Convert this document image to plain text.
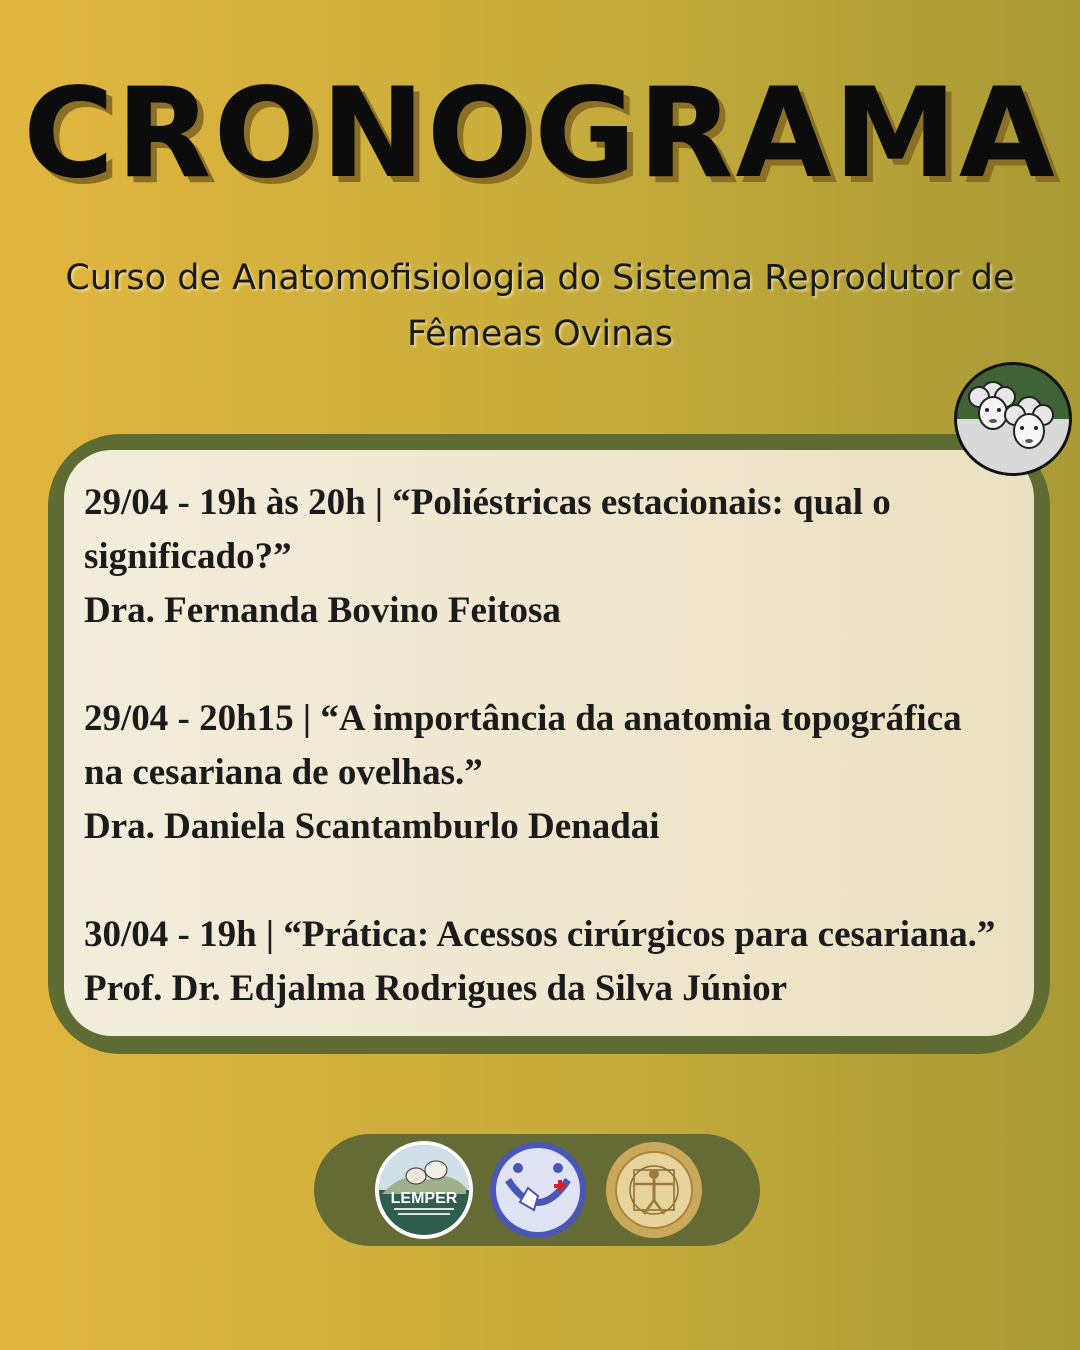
CRONOGRAMA
Curso de Anatomofisiologia do Sistema Reprodutor de
Fêmeas Ovinas

29/04 - 19h às 20h | “Poliéstricas estacionais: qual o

significado?”

Dra. Fernanda Bovino Feitosa

29/04 - 20h15 | “A importância da anatomia topográfica

na cesariana de ovelhas.”

Dra. Daniela Scantamburlo Denadai

30/04 - 19h | “Prática: Acessos cirúrgicos para cesariana.”

Prof. Dr. Edjalma Rodrigues da Silva Júnior

LEMPER
